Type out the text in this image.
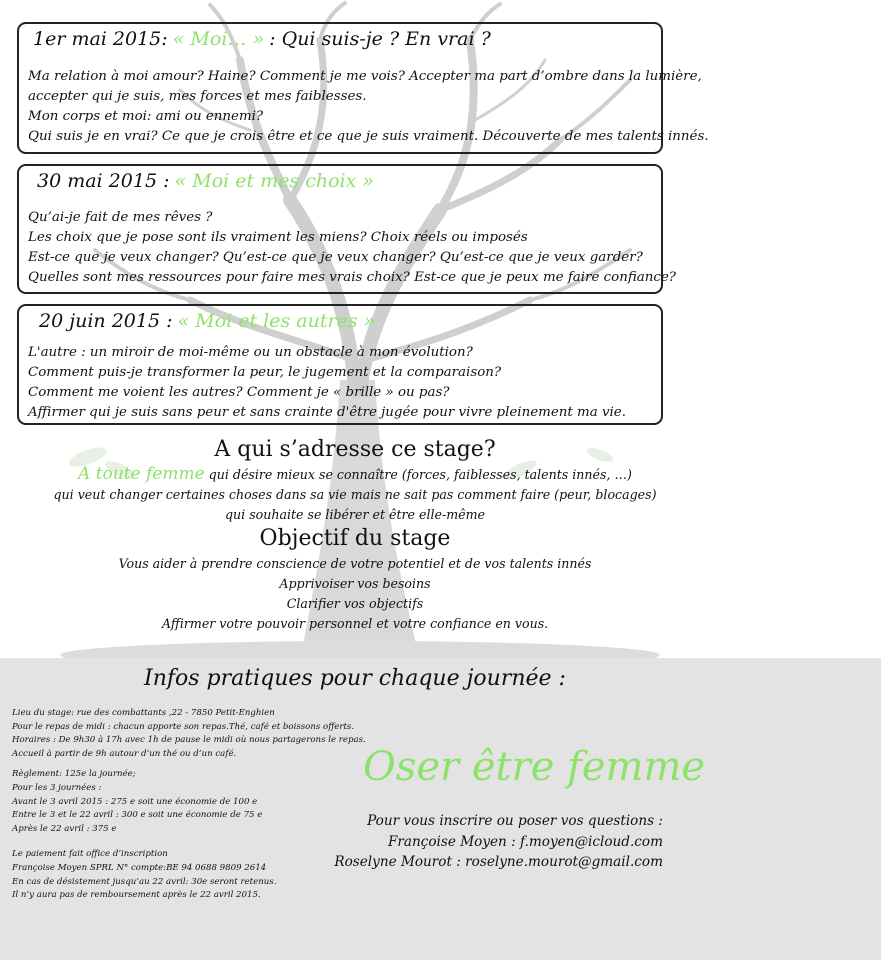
1er mai 2015: « Moi… » : Qui suis-je ? En vrai ?
Ma relation à moi amour? Haine? Comment je me vois? Accepter ma part d’ombre dans la lumière,
accepter qui je suis, mes forces et mes faiblesses.
Mon corps et moi: ami ou ennemi?
Qui suis je en vrai? Ce que je crois être et ce que je suis vraiment. Découverte de mes talents innés.
30 mai 2015 : « Moi et mes choix »
Qu’ai-je fait de mes rêves ?
Les choix que je pose sont ils vraiment les miens? Choix réels ou imposés
Est-ce que je veux changer? Qu’est-ce que je veux changer? Qu’est-ce que je veux garder?
Quelles sont mes ressources pour faire mes vrais choix? Est-ce que je peux me faire confiance?
20 juin 2015 : « Moi et les autres »
L'autre : un miroir de moi-même ou un obstacle à mon évolution?
Comment puis-je transformer la peur, le jugement et la comparaison?
Comment me voient les autres? Comment je « brille » ou pas?
Affirmer qui je suis sans peur et sans crainte d'être jugée pour vivre pleinement ma vie.
A qui s’adresse ce stage?
A toute femme qui désire mieux se connaître (forces, faiblesses, talents innés, …)
qui veut changer certaines choses dans sa vie mais ne sait pas comment faire (peur, blocages)
qui souhaite se libérer et être elle-même
Objectif du stage
Vous aider à prendre conscience de votre potentiel et de vos talents innés
Apprivoiser vos besoins
Clarifier vos objectifs
Affirmer votre pouvoir personnel et votre confiance en vous.
Infos pratiques pour chaque journée :
Lieu du stage: rue des combattants ,22 - 7850 Petit-Enghien
Pour le repas de midi : chacun apporte son repas.Thé, café et boissons offerts.
Horaires : De 9h30 à 17h avec 1h de pause le midi où nous partagerons le repas.
Accueil à partir de 9h autour d’un thé ou d’un café.
Règlement: 125e la journée;
Pour les 3 journées :
Avant le 3 avril 2015 : 275 e soit une économie de 100 e
Entre le 3 et le 22 avril : 300 e soit une économie de 75 e
Après le 22 avril : 375 e
Le paiement fait office d’inscription
Françoise Moyen SPRL N° compte:BE 94 0688 9809 2614
En cas de désistement jusqu’au 22 avril: 30e seront retenus.
Il n’y aura pas de remboursement après le 22 avril 2015.
Oser être femme
Pour vous inscrire ou poser vos questions :
Françoise Moyen : f.moyen@icloud.com
Roselyne Mourot : roselyne.mourot@gmail.com
